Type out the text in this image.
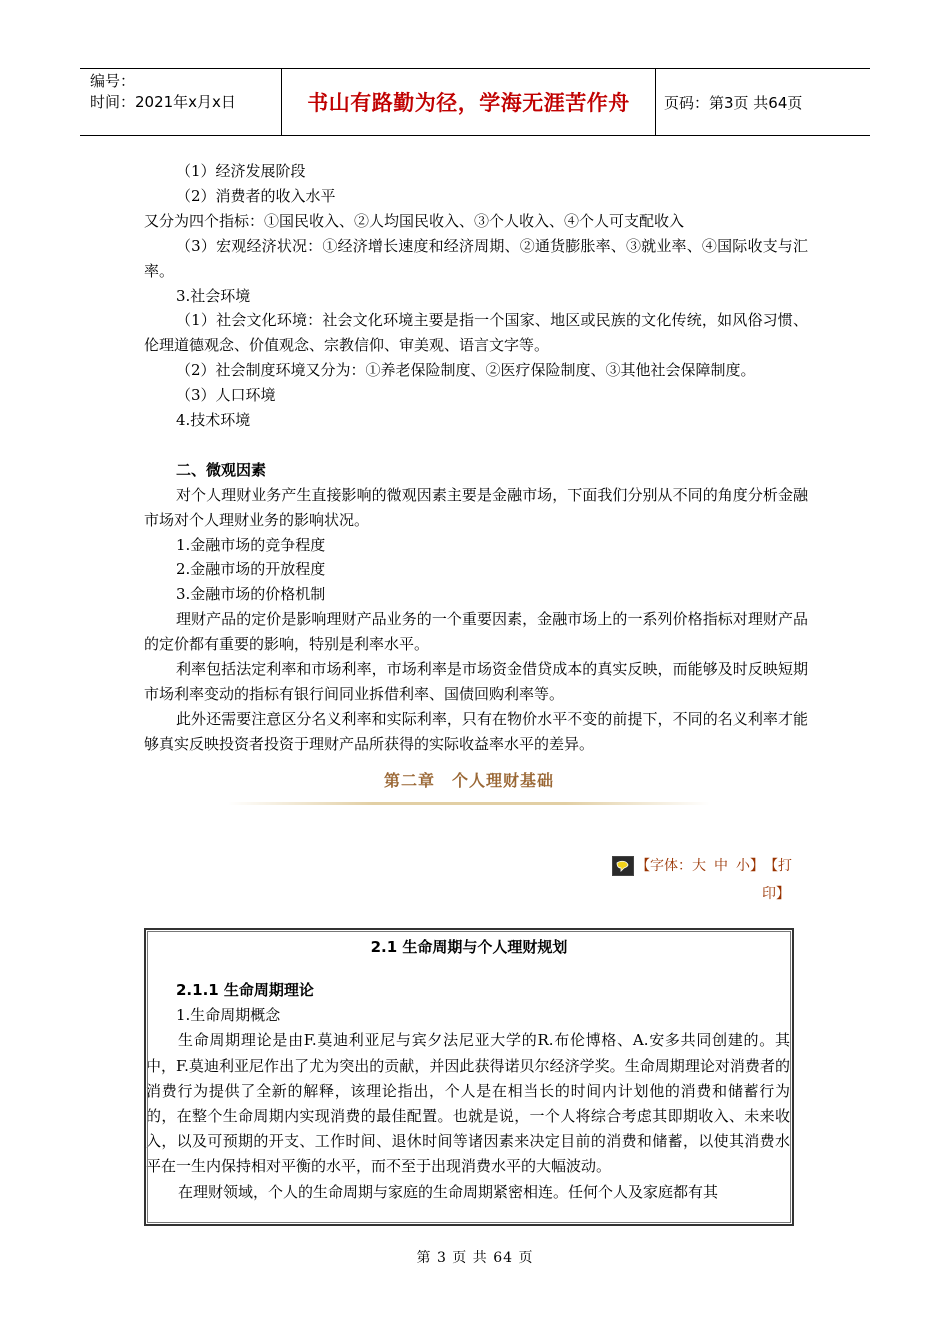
编号：
时间：2021年x月x日	书山有路勤为径，学海无涯苦作舟	页码：第3页 共64页

（1）经济发展阶段

（2）消费者的收入水平

又分为四个指标：①国民收入、②人均国民收入、③个人收入、④个人可支配收入

（3）宏观经济状况：①经济增长速度和经济周期、②通货膨胀率、③就业率、④国际收支与汇率。

3.社会环境

（1）社会文化环境：社会文化环境主要是指一个国家、地区或民族的文化传统，如风俗习惯、伦理道德观念、价值观念、宗教信仰、审美观、语言文字等。

（2）社会制度环境又分为：①养老保险制度、②医疗保险制度、③其他社会保障制度。

（3）人口环境

4.技术环境

二、微观因素

对个人理财业务产生直接影响的微观因素主要是金融市场，下面我们分别从不同的角度分析金融市场对个人理财业务的影响状况。

1.金融市场的竞争程度

2.金融市场的开放程度

3.金融市场的价格机制

理财产品的定价是影响理财产品业务的一个重要因素，金融市场上的一系列价格指标对理财产品的定价都有重要的影响，特别是利率水平。

利率包括法定利率和市场利率，市场利率是市场资金借贷成本的真实反映，而能够及时反映短期市场利率变动的指标有银行间同业拆借利率、国债回购利率等。

此外还需要注意区分名义利率和实际利率，只有在物价水平不变的前提下，不同的名义利率才能够真实反映投资者投资于理财产品所获得的实际收益率水平的差异。

第二章　个人理财基础
【字体： 大 中 小 】 【打
印】
2.1 生命周期与个人理财规划

2.1.1 生命周期理论

1.生命周期概念

生命周期理论是由F.莫迪利亚尼与宾夕法尼亚大学的R.布伦博格、A.安多共同创建的。其中，F.莫迪利亚尼作出了尤为突出的贡献，并因此获得诺贝尔经济学奖。生命周期理论对消费者的消费行为提供了全新的解释，该理论指出，个人是在相当长的时间内计划他的消费和储蓄行为的，在整个生命周期内实现消费的最佳配置。也就是说，一个人将综合考虑其即期收入、未来收入，以及可预期的开支、工作时间、退休时间等诸因素来决定目前的消费和储蓄，以使其消费水平在一生内保持相对平衡的水平，而不至于出现消费水平的大幅波动。

在理财领域，个人的生命周期与家庭的生命周期紧密相连。任何个人及家庭都有其

第 3 页 共 64 页
